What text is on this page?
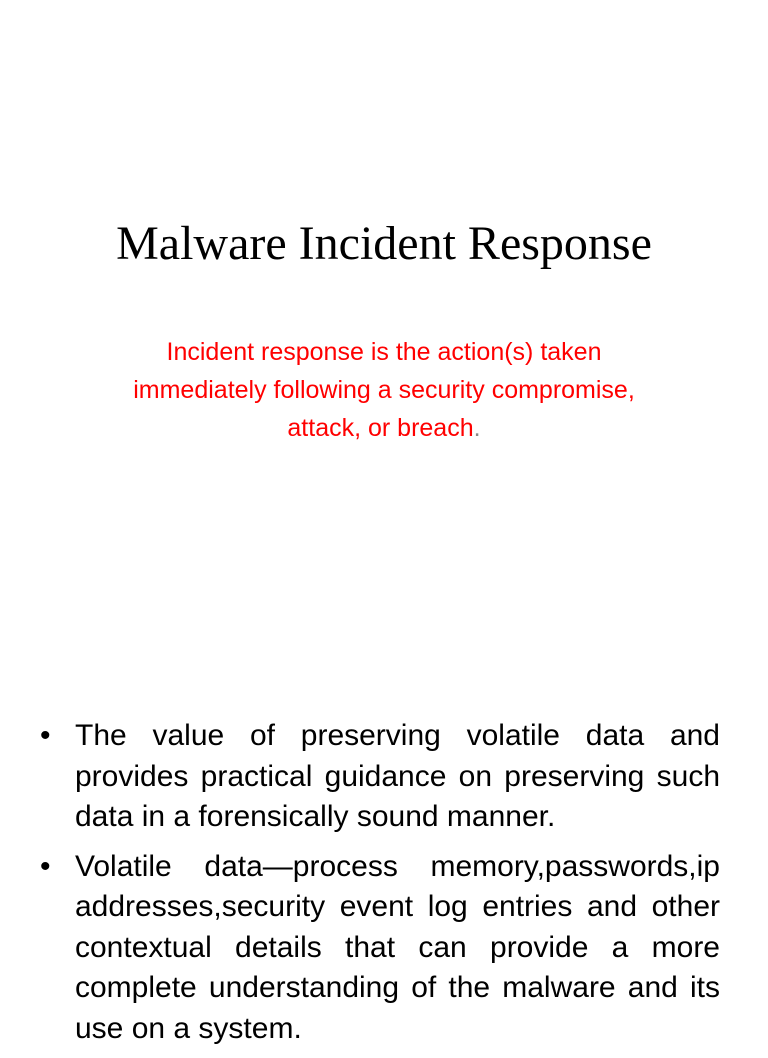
Malware Incident Response

Incident response is the action(s) taken immediately following a security compromise, attack, or breach.

• The value of preserving volatile data and provides practical guidance on preserving such data in a forensically sound manner.
• Volatile data—process memory,passwords,ip addresses,security event log entries and other contextual details that can provide a more complete understanding of the malware and its use on a system.
